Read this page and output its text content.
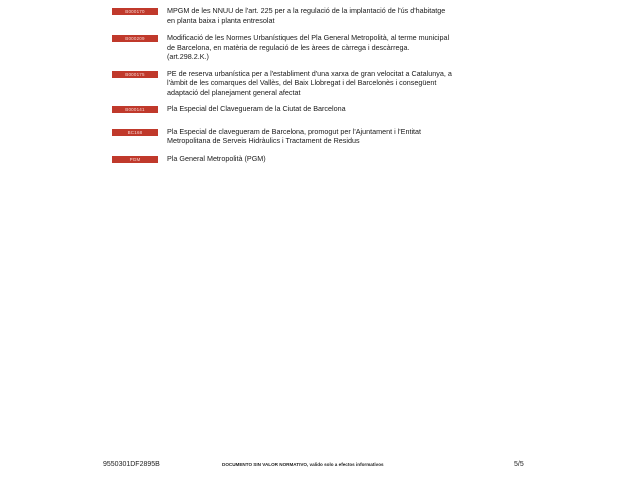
B000170	MPGM de les NNUU de l'art. 225 per a la regulació de la implantació de l'ús d'habitatge en planta baixa i planta entresolat
B000209	Modificació de les Normes Urbanístiques del Pla General Metropolità, al terme municipal de Barcelona, en matèria de regulació de les àrees de càrrega i descàrrega. (art.298.2.K.)
B000175	PE de reserva urbanística per a l'establiment d'una xarxa de gran velocitat a Catalunya, a l'àmbit de les comarques del Vallès, del Baix Llobregat i del Barcelonès i consegüent adaptació del planejament general afectat
B000141	Pla Especial del Clavegueram de la Ciutat de Barcelona
BC168	Pla Especial de clavegueram de Barcelona, promogut per l'Ajuntament i l'Entitat Metropolitana de Serveis Hidràulics i Tractament de Residus
PGM	Pla General Metropolità (PGM)
9550301DF2895B	DOCUMENTO SIN VALOR NORMATIVO, valido solo a efectos informativos	5/5
